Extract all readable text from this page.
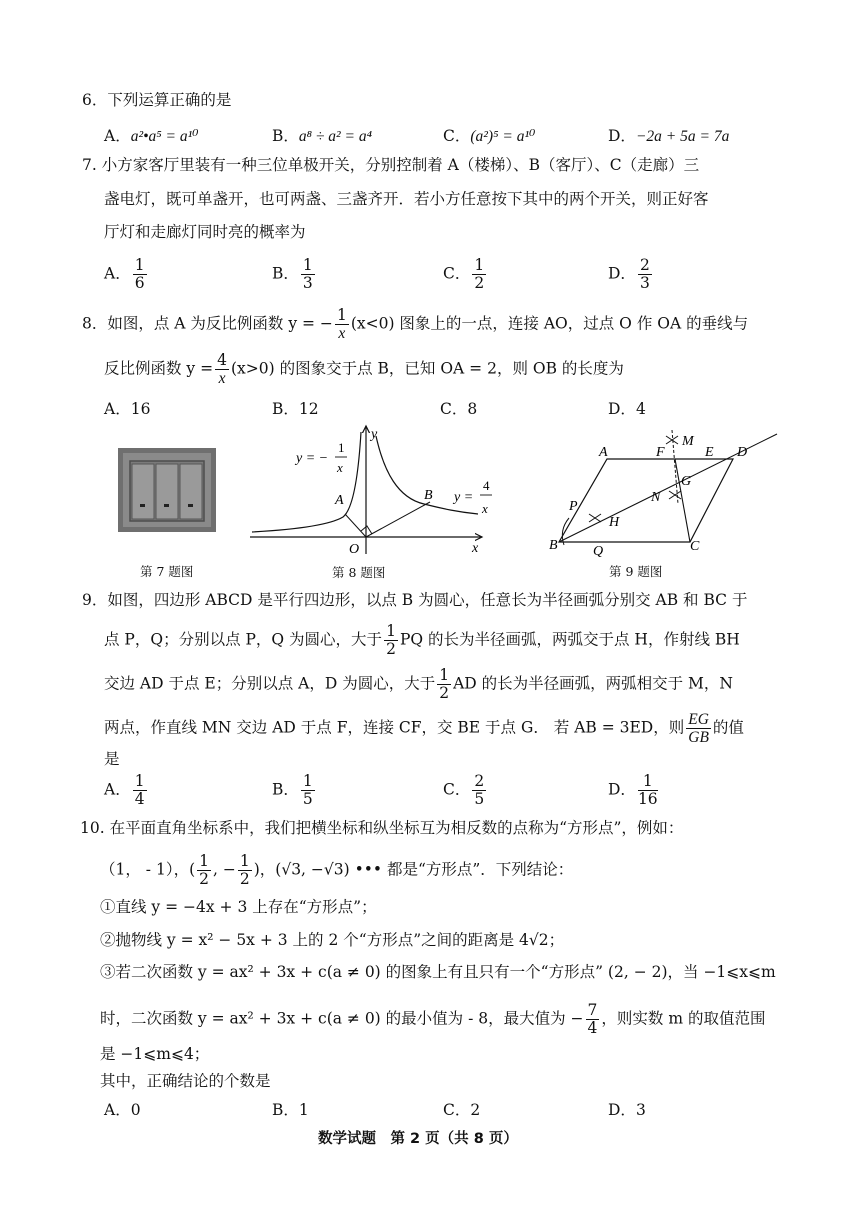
6．下列运算正确的是
A．a²•a⁵ = a¹⁰	B．a⁸ ÷ a² = a⁴	C．(a²)⁵ = a¹⁰	D．−2a + 5a = 7a
7. 小方家客厅里装有一种三位单极开关，分别控制着 A（楼梯）、B（客厅）、C（走廊）三
盏电灯，既可单盏开，也可两盏、三盏齐开．若小方任意按下其中的两个开关，则正好客
厅灯和走廊灯同时亮的概率为
A． $\frac{1}{6}$	B． $\frac{1}{3}$	C． $\frac{1}{2}$	D． $\frac{2}{3}$
8．如图，点 A 为反比例函数 y = − $\frac{1}{x} (x<0)$ 图象上的一点，连接 AO，过点 O 作 OA 的垂线与
反比例函数 $y = \frac{4}{x} (x>0)$ 的图象交于点 B，已知 OA = 2，则 OB 的长度为
A．16	B．12	C．8	D．4
第 7 题图
y
x
O
A	B
y = −
1
x
y =
4
x
第 8 题图
A
B	C
D
E
F
G
H
M
N
P
Q
第 9 题图
9．如图，四边形 ABCD 是平行四边形，以点 B 为圆心，任意长为半径画弧分别交 AB 和 BC 于
点 P，Q；分别以点 P，Q 为圆心，大于 $\frac{1}{2}$ PQ 的长为半径画弧，两弧交于点 H，作射线 BH
交边 AD 于点 E；分别以点 A，D 为圆心，大于 $\frac{1}{2}$ AD 的长为半径画弧，两弧相交于 M，N
两点，作直线 MN 交边 AD 于点 F，连接 CF，交 BE 于点 G． 若 AB = 3ED，则 $\frac{EG}{GB}$ 的值
是
A． $\frac{1}{4}$	B． $\frac{1}{5}$	C． $\frac{2}{5}$	D． $\frac{1}{16}$
10. 在平面直角坐标系中，我们把横坐标和纵坐标互为相反数的点称为“方形点”，例如：
（1， - 1），( $\frac{1}{2}$ , − $\frac{1}{2}$ )，(√3, −√3) ••• 都是“方形点”．下列结论：
①直线 y = −4x + 3 上存在“方形点”；
②抛物线 y = x² − 5x + 3 上的 2 个“方形点”之间的距离是 4√2；
③若二次函数 y = ax² + 3x + c(a ≠ 0) 的图象上有且只有一个“方形点” (2, − 2)，当 −1⩽x⩽m
时，二次函数 y = ax² + 3x + c(a ≠ 0) 的最小值为 - 8，最大值为 − $\frac{7}{4}$ ，则实数 m 的取值范围
是 −1⩽m⩽4；
其中，正确结论的个数是
A．0	B．1	C．2	D．3
数学试题　第 2 页（共 8 页）
